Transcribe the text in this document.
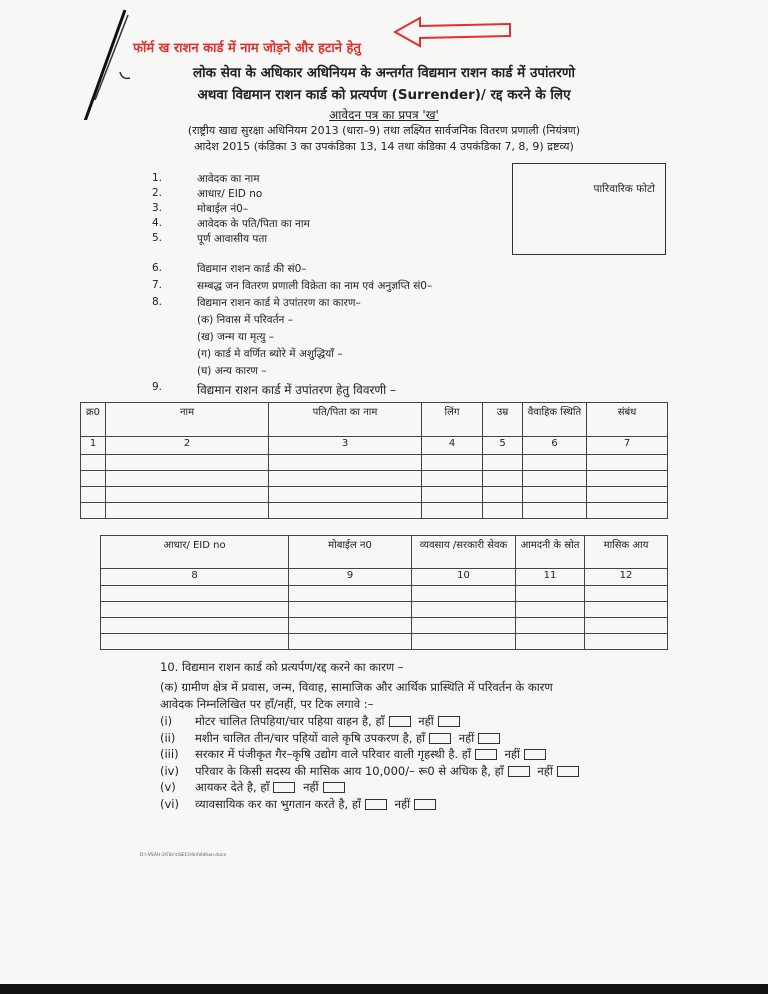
फॉर्म ख राशन कार्ड में नाम जोड़ने और हटाने हेतु
लोक सेवा के अधिकार अधिनियम के अन्तर्गत विद्यमान राशन कार्ड में उपांतरणो
अथवा विद्यमान राशन कार्ड को प्रत्यर्पण (Surrender)/ रद्द करने के लिए
आवेदन पत्र का प्रपत्र 'ख'
(राष्ट्रीय खाद्य सुरक्षा अधिनियम 2013 (धारा–9) तथा लक्ष्यित सार्वजनिक वितरण प्रणाली (नियंत्रण)
आदेश 2015 (कंडिका 3 का उपकंडिका 13, 14 तथा कंडिका 4 उपकंडिका 7, 8, 9) द्रष्टव्य)
पारिवारिक फोटो
1.	आवेदक का नाम
2.	आधार/ EID no
3.	मोबाईल नं0–
4.	आवेदक के पति/पिता का नाम
5.	पूर्ण आवासीय पता
6.	विद्यमान राशन कार्ड की सं0–
7.	सम्बद्ध जन वितरण प्रणाली विक्रेता का नाम एवं अनुज्ञप्ति सं0–
8.	विद्यमान राशन कार्ड मे उपांतरण का कारण–
(क) निवास में परिवर्तन –
(ख) जन्म या मृत्यु –
(ग) कार्ड मे वर्णित ब्योरे में अशुद्धियाँ –
(घ) अन्य कारण –
9.	विद्यमान राशन कार्ड में उपांतरण हेतु विवरणी –
क्र0	नाम	पति/पिता का नाम	लिंग	उम्र	वैवाहिक स्थिति	संबंध
1	2	3	4	5	6	7

आधार/ EID no	मोबाईल न0	व्यवसाय /सरकारी सेवक	आमदनी के स्रोत	मासिक आय
8	9	10	11	12

10. विद्यमान राशन कार्ड को प्रत्यर्पण/रद्द करने का कारण –
(क) ग्रामीण क्षेत्र में प्रवास, जन्म, विवाह, सामाजिक और आर्थिक प्रास्थिति में परिवर्तन के कारण
आवेदक निम्नलिखित पर हाँ/नहीं, पर टिक लगावे :–
(i) मोटर चालित तिपहिया/चार पहिया वाहन है, हाँ	नहीं
(ii) मशीन चालित तीन/चार पहियों वाले कृषि उपकरण है, हाँ	नहीं
(iii) सरकार में पंजीकृत गैर–कृषि उद्योग वाले परिवार वाली गृहस्थी है. हाँ	नहीं
(iv) परिवार के किसी सदस्य की मासिक आय 10,000/– रू0 से अधिक है, हाँ	नहीं
(v) आयकर देते है, हाँ	नहीं
(vi) व्यावसायिक कर का भुगतान करते है, हाँ	नहीं
D:\-VSAH-2\File's\SEC\Hin\Vidhan.docx
